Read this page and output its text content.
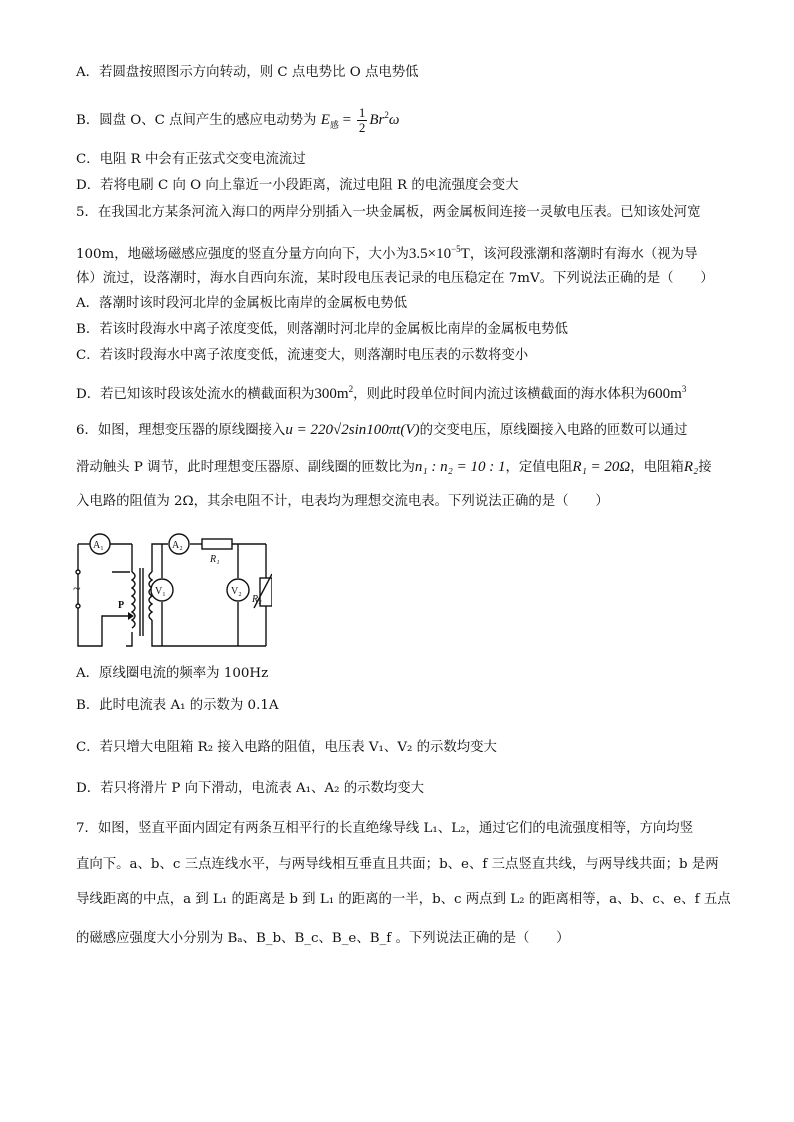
A．若圆盘按照图示方向转动，则 C 点电势比 O 点电势低
B．圆盘 O、C 点间产生的感应电动势为 $E_感 = \frac{1}{2} Br^2\omega$
C．电阻 R 中会有正弦式交变电流流过
D．若将电刷 C 向 O 向上靠近一小段距离，流过电阻 R 的电流强度会变大
5．在我国北方某条河流入海口的两岸分别插入一块金属板，两金属板间连接一灵敏电压表。已知该处河宽
100m，地磁场磁感应强度的竖直分量方向向下，大小为$3.5\times 10^{-5}T$，该河段涨潮和落潮时有海水（视为导
体）流过，设落潮时，海水自西向东流，某时段电压表记录的电压稳定在 7mV。下列说法正确的是（　　）
A．落潮时该时段河北岸的金属板比南岸的金属板电势低
B．若该时段海水中离子浓度变低，则落潮时河北岸的金属板比南岸的金属板电势低
C．若该时段海水中离子浓度变低，流速变大，则落潮时电压表的示数将变小
D．若已知该时段该处流水的横截面积为$300m^2$，则此时段单位时间内流过该横截面的海水体积为$600m^3$
6．如图，理想变压器的原线圈接入u = 220√2sin100πt(V)的交变电压，原线圈接入电路的匝数可以通过
滑动触头 P 调节，此时理想变压器原、副线圈的匝数比为n₁ : n₂ = 10 : 1，定值电阻R₁ = 20Ω，电阻箱R₂接
入电路的阻值为 2Ω，其余电阻不计，电表均为理想交流电表。下列说法正确的是（　　）
A₁	A₂
V₁	V₂
R₁
R₂
P
~
A．原线圈电流的频率为 100Hz
B．此时电流表 A₁ 的示数为 0.1A
C．若只增大电阻箱 R₂ 接入电路的阻值，电压表 V₁、V₂ 的示数均变大
D．若只将滑片 P 向下滑动，电流表 A₁、A₂ 的示数均变大
7．如图，竖直平面内固定有两条互相平行的长直绝缘导线 L₁、L₂，通过它们的电流强度相等，方向均竖
直向下。a、b、c 三点连线水平，与两导线相互垂直且共面；b、e、f 三点竖直共线，与两导线共面；b 是两
导线距离的中点，a 到 L₁ 的距离是 b 到 L₁ 的距离的一半，b、c 两点到 L₂ 的距离相等，a、b、c、e、f 五点
的磁感应强度大小分别为 Bₐ、B_b、B_c、B_e、B_f 。下列说法正确的是（　　）
